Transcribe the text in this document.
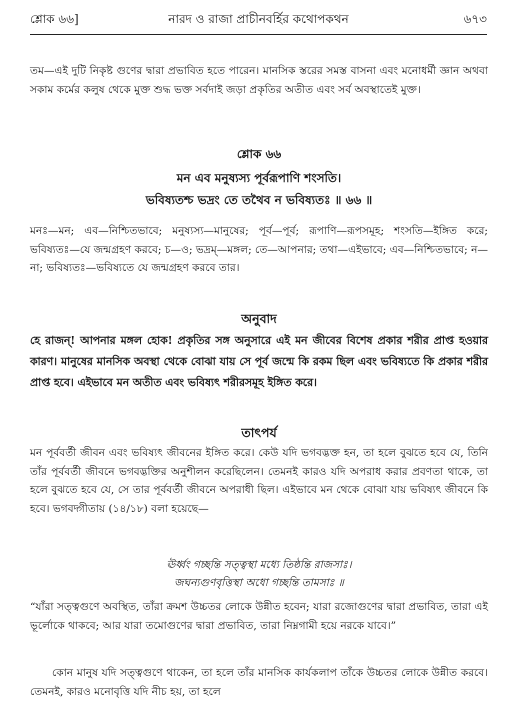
শ্লোক ৬৬]	নারদ ও রাজা প্রাচীনবর্হির কথোপকথন	৬৭৩

তম—এই দুটি নিকৃষ্ট গুণের দ্বারা প্রভাবিত হতে পারেন। মানসিক স্তরের সমস্ত বাসনা এবং মনোধর্মী জ্ঞান অথবা সকাম কর্মের কলুষ থেকে মুক্ত শুদ্ধ ভক্ত সর্বদাই জড়া প্রকৃতির অতীত এবং সর্ব অবস্থাতেই মুক্ত।

শ্লোক ৬৬
মন এব মনুষ্যস্য পূর্বরূপাণি শংসতি।
ভবিষ্যতশ্চ ভদ্রং তে তথৈব ন ভবিষ্যতঃ ॥ ৬৬ ॥

মনঃ—মন; এব—নিশ্চিতভাবে; মনুষ্যস্য—মানুষের; পূর্ব—পূর্ব; রূপাণি—রূপসমূহ; শংসতি—ইঙ্গিত করে; ভবিষ্যতঃ—যে জন্মগ্রহণ করবে; চ—ও; ভদ্রম্—মঙ্গল; তে—আপনার; তথা—এইভাবে; এব—নিশ্চিতভাবে; ন—না; ভবিষ্যতঃ—ভবিষ্যতে যে জন্মগ্রহণ করবে তার।

অনুবাদ

হে রাজন্! আপনার মঙ্গল হোক! প্রকৃতির সঙ্গ অনুসারে এই মন জীবের বিশেষ প্রকার শরীর প্রাপ্ত হওয়ার কারণ। মানুষের মানসিক অবস্থা থেকে বোঝা যায় সে পূর্ব জন্মে কি রকম ছিল এবং ভবিষ্যতে কি প্রকার শরীর প্রাপ্ত হবে। এইভাবে মন অতীত এবং ভবিষ্যৎ শরীরসমূহ ইঙ্গিত করে।

তাৎপর্য

মন পূর্ববর্তী জীবন এবং ভবিষ্যৎ জীবনের ইঙ্গিত করে। কেউ যদি ভগবদ্ভক্ত হন, তা হলে বুঝতে হবে যে, তিনি তাঁর পূর্ববর্তী জীবনে ভগবদ্ভক্তির অনুশীলন করেছিলেন। তেমনই কারও যদি অপরাধ করার প্রবণতা থাকে, তা হলে বুঝতে হবে যে, সে তার পূর্ববর্তী জীবনে অপরাধী ছিল। এইভাবে মন থেকে বোঝা যায় ভবিষ্যৎ জীবনে কি হবে। ভগবদ্গীতায় (১৪/১৮) বলা হয়েছে—

ঊর্ধ্বং গচ্ছন্তি সত্ত্বস্থা মধ্যে তিষ্ঠন্তি রাজসাঃ।
জঘন্যগুণবৃত্তিস্থা অধো গচ্ছন্তি তামসাঃ ॥

“যাঁরা সত্ত্বগুণে অবস্থিত, তাঁরা ক্রমশ উচ্চতর লোকে উন্নীত হবেন; যারা রজোগুণের দ্বারা প্রভাবিত, তারা এই ভূর্লোকে থাকবে; আর যারা তমোগুণের দ্বারা প্রভাবিত, তারা নিম্নগামী হয়ে নরকে যাবে।”

কোন মানুষ যদি সত্ত্বগুণে থাকেন, তা হলে তাঁর মানসিক কার্যকলাপ তাঁকে উচ্চতর লোকে উন্নীত করবে। তেমনই, কারও মনোবৃত্তি যদি নীচ হয়, তা হলে
